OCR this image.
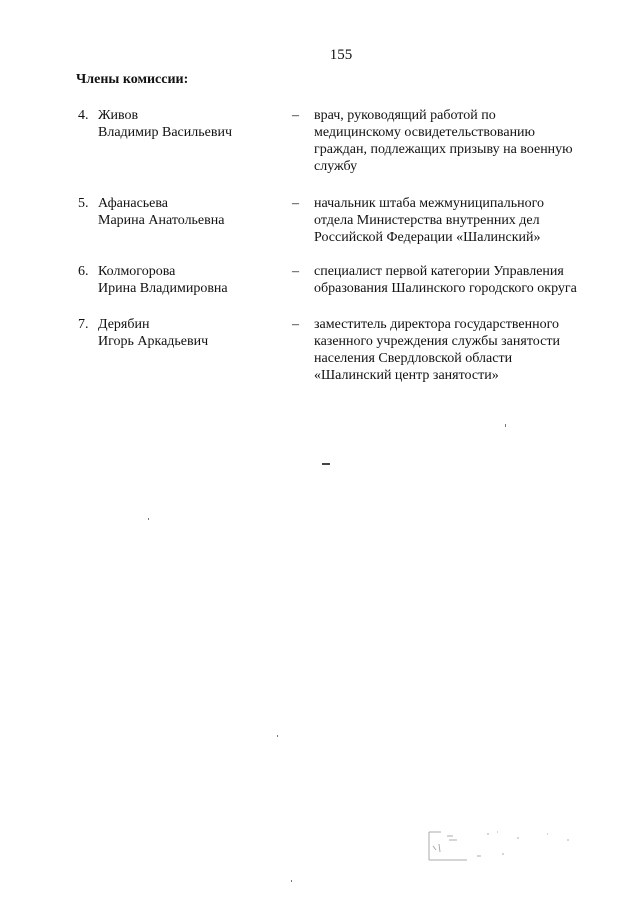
155
Члены комиссии:
4. Живов
Владимир Васильевич
– врач, руководящий работой по
медицинскому освидетельствованию
граждан, подлежащих призыву на военную
службу
5. Афанасьева
Марина Анатольевна
– начальник штаба межмуниципального
отдела Министерства внутренних дел
Российской Федерации «Шалинский»
6. Колмогорова
Ирина Владимировна
– специалист первой категории Управления
образования Шалинского городского округа
7. Дерябин
Игорь Аркадьевич
– заместитель директора государственного
казенного учреждения службы занятости
населения Свердловской области
«Шалинский центр занятости»
